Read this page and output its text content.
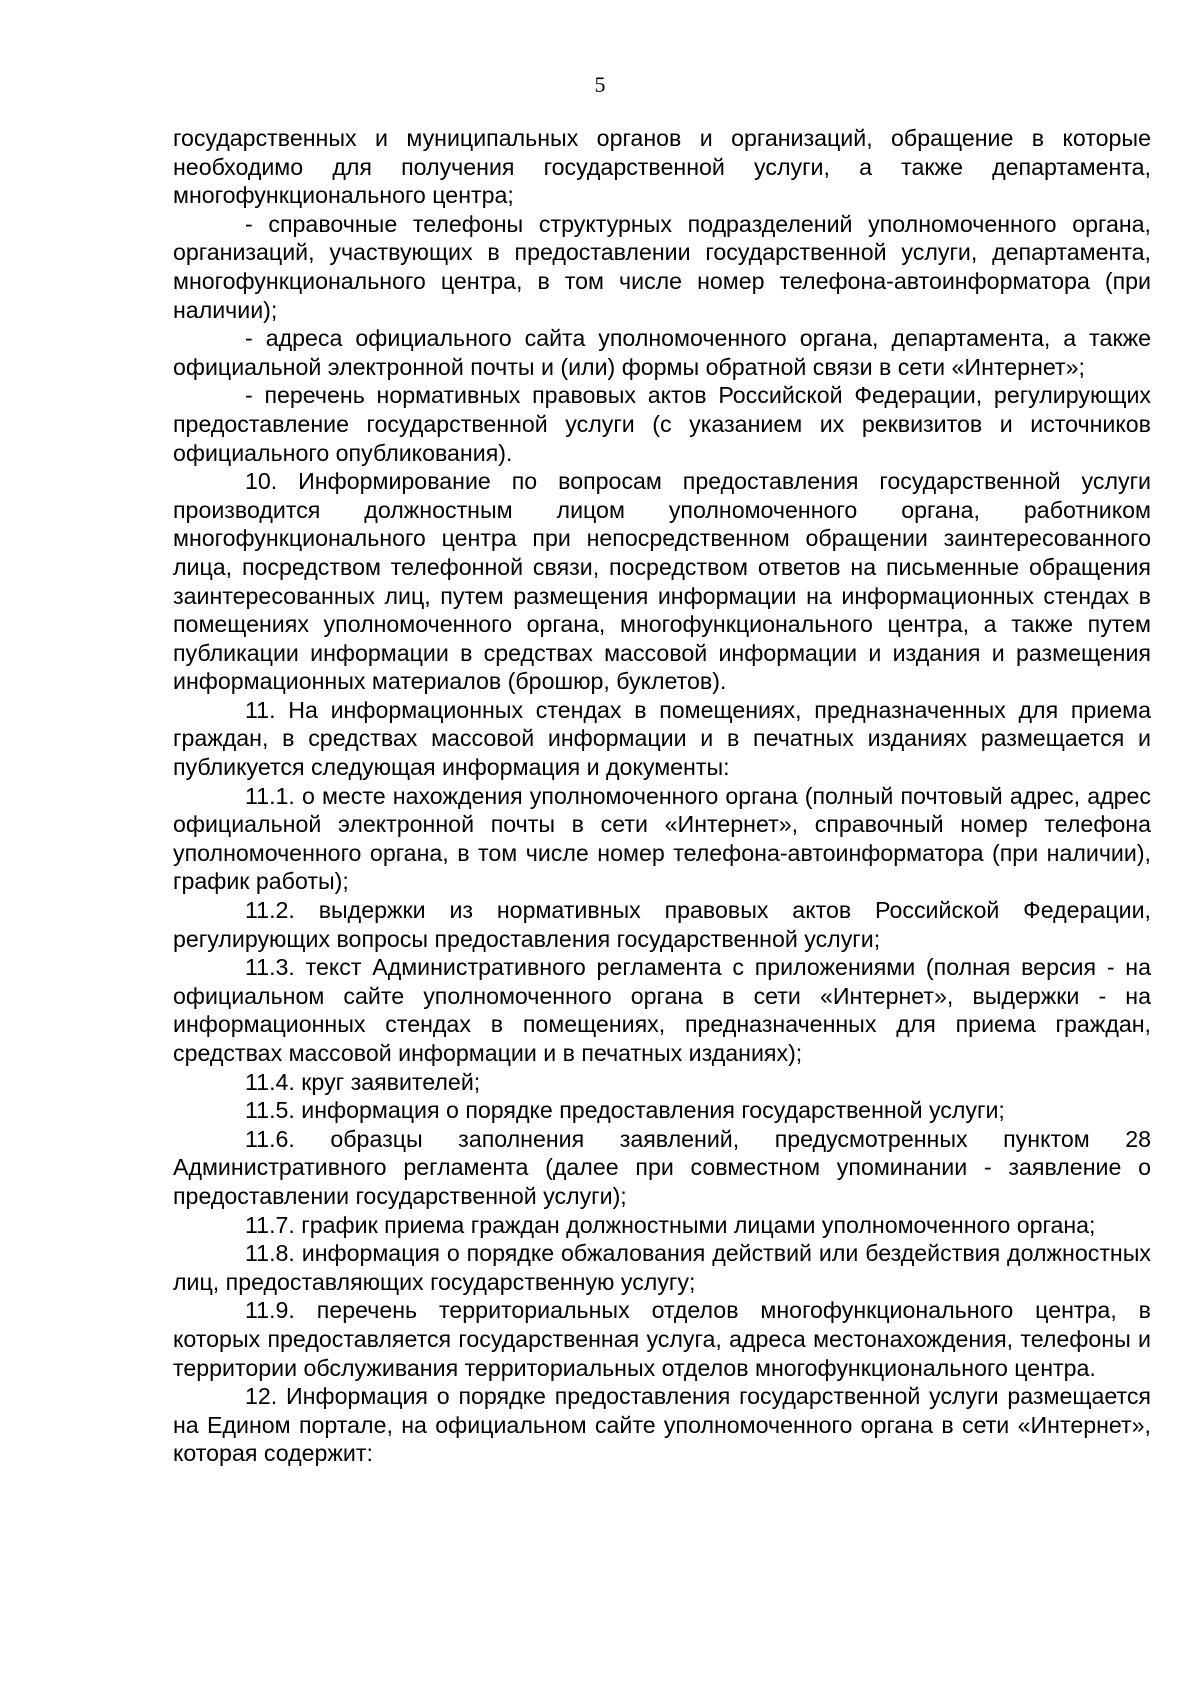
5

государственных и муниципальных органов и организаций, обращение в которые необходимо для получения государственной услуги, а также департамента, многофункционального центра;

- справочные телефоны структурных подразделений уполномоченного органа, организаций, участвующих в предоставлении государственной услуги, департамента, многофункционального центра, в том числе номер телефона-автоинформатора (при наличии);

- адреса официального сайта уполномоченного органа, департамента, а также официальной электронной почты и (или) формы обратной связи в сети «Интернет»;

- перечень нормативных правовых актов Российской Федерации, регулирующих предоставление государственной услуги (с указанием их реквизитов и источников официального опубликования).

10. Информирование по вопросам предоставления государственной услуги производится должностным лицом уполномоченного органа, работником многофункционального центра при непосредственном обращении заинтересованного лица, посредством телефонной связи, посредством ответов на письменные обращения заинтересованных лиц, путем размещения информации на информационных стендах в помещениях уполномоченного органа, многофункционального центра, а также путем публикации информации в средствах массовой информации и издания и размещения информационных материалов (брошюр, буклетов).

11. На информационных стендах в помещениях, предназначенных для приема граждан, в средствах массовой информации и в печатных изданиях размещается и публикуется следующая информация и документы:

11.1. о месте нахождения уполномоченного органа (полный почтовый адрес, адрес официальной электронной почты в сети «Интернет», справочный номер телефона уполномоченного органа, в том числе номер телефона-автоинформатора (при наличии), график работы);

11.2. выдержки из нормативных правовых актов Российской Федерации, регулирующих вопросы предоставления государственной услуги;

11.3. текст Административного регламента с приложениями (полная версия - на официальном сайте уполномоченного органа в сети «Интернет», выдержки - на информационных стендах в помещениях, предназначенных для приема граждан, средствах массовой информации и в печатных изданиях);

11.4. круг заявителей;

11.5. информация о порядке предоставления государственной услуги;

11.6. образцы заполнения заявлений, предусмотренных пунктом 28 Административного регламента (далее при совместном упоминании - заявление о предоставлении государственной услуги);

11.7. график приема граждан должностными лицами уполномоченного органа;

11.8. информация о порядке обжалования действий или бездействия должностных лиц, предоставляющих государственную услугу;

11.9. перечень территориальных отделов многофункционального центра, в которых предоставляется государственная услуга, адреса местонахождения, телефоны и территории обслуживания территориальных отделов многофункционального центра.

12. Информация о порядке предоставления государственной услуги размещается на Едином портале, на официальном сайте уполномоченного органа в сети «Интернет», которая содержит:
